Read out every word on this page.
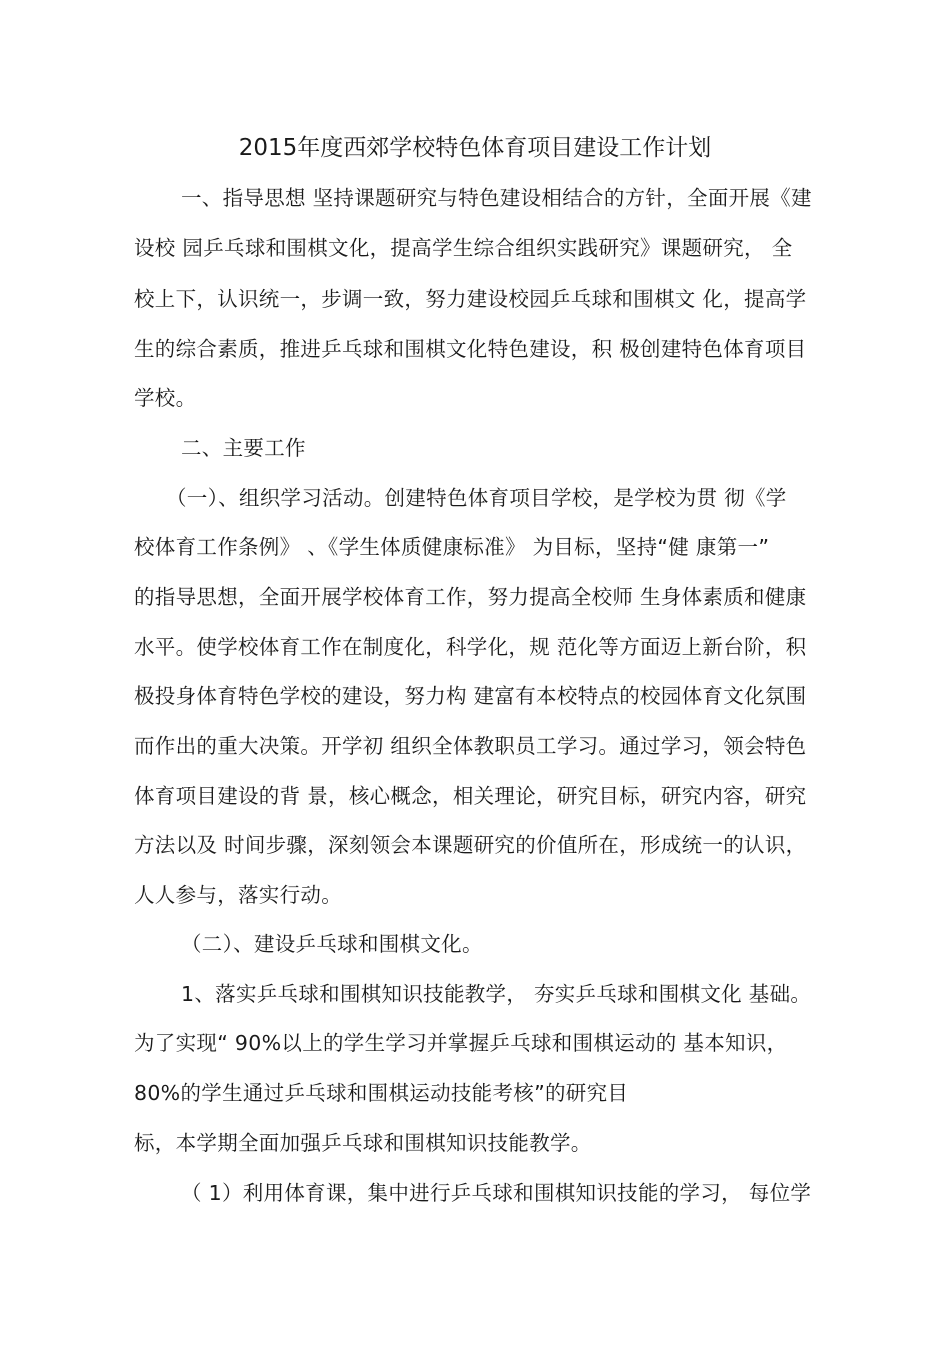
2015年度西郊学校特色体育项目建设工作计划
一、指导思想 坚持课题研究与特色建设相结合的方针，全面开展《建
设校 园乒乓球和围棋文化，提高学生综合组织实践研究》课题研究， 全
校上下，认识统一，步调一致，努力建设校园乒乓球和围棋文 化，提高学
生的综合素质，推进乒乓球和围棋文化特色建设，积 极创建特色体育项目
学校。
二、主要工作
（一）、组织学习活动。创建特色体育项目学校，是学校为贯 彻《学
校体育工作条例》 、《学生体质健康标准》 为目标，坚持“健 康第一”
的指导思想，全面开展学校体育工作，努力提高全校师 生身体素质和健康
水平。使学校体育工作在制度化，科学化，规 范化等方面迈上新台阶，积
极投身体育特色学校的建设，努力构 建富有本校特点的校园体育文化氛围
而作出的重大决策。开学初 组织全体教职员工学习。通过学习，领会特色
体育项目建设的背 景，核心概念，相关理论，研究目标，研究内容，研究
方法以及 时间步骤，深刻领会本课题研究的价值所在，形成统一的认识，
人人参与，落实行动。
（二）、建设乒乓球和围棋文化。
1、落实乒乓球和围棋知识技能教学， 夯实乒乓球和围棋文化 基础。
为了实现“ 90%以上的学生学习并掌握乒乓球和围棋运动的 基本知识，
80%的学生通过乒乓球和围棋运动技能考核”的研究目
标，本学期全面加强乒乓球和围棋知识技能教学。
（ 1）利用体育课，集中进行乒乓球和围棋知识技能的学习， 每位学
